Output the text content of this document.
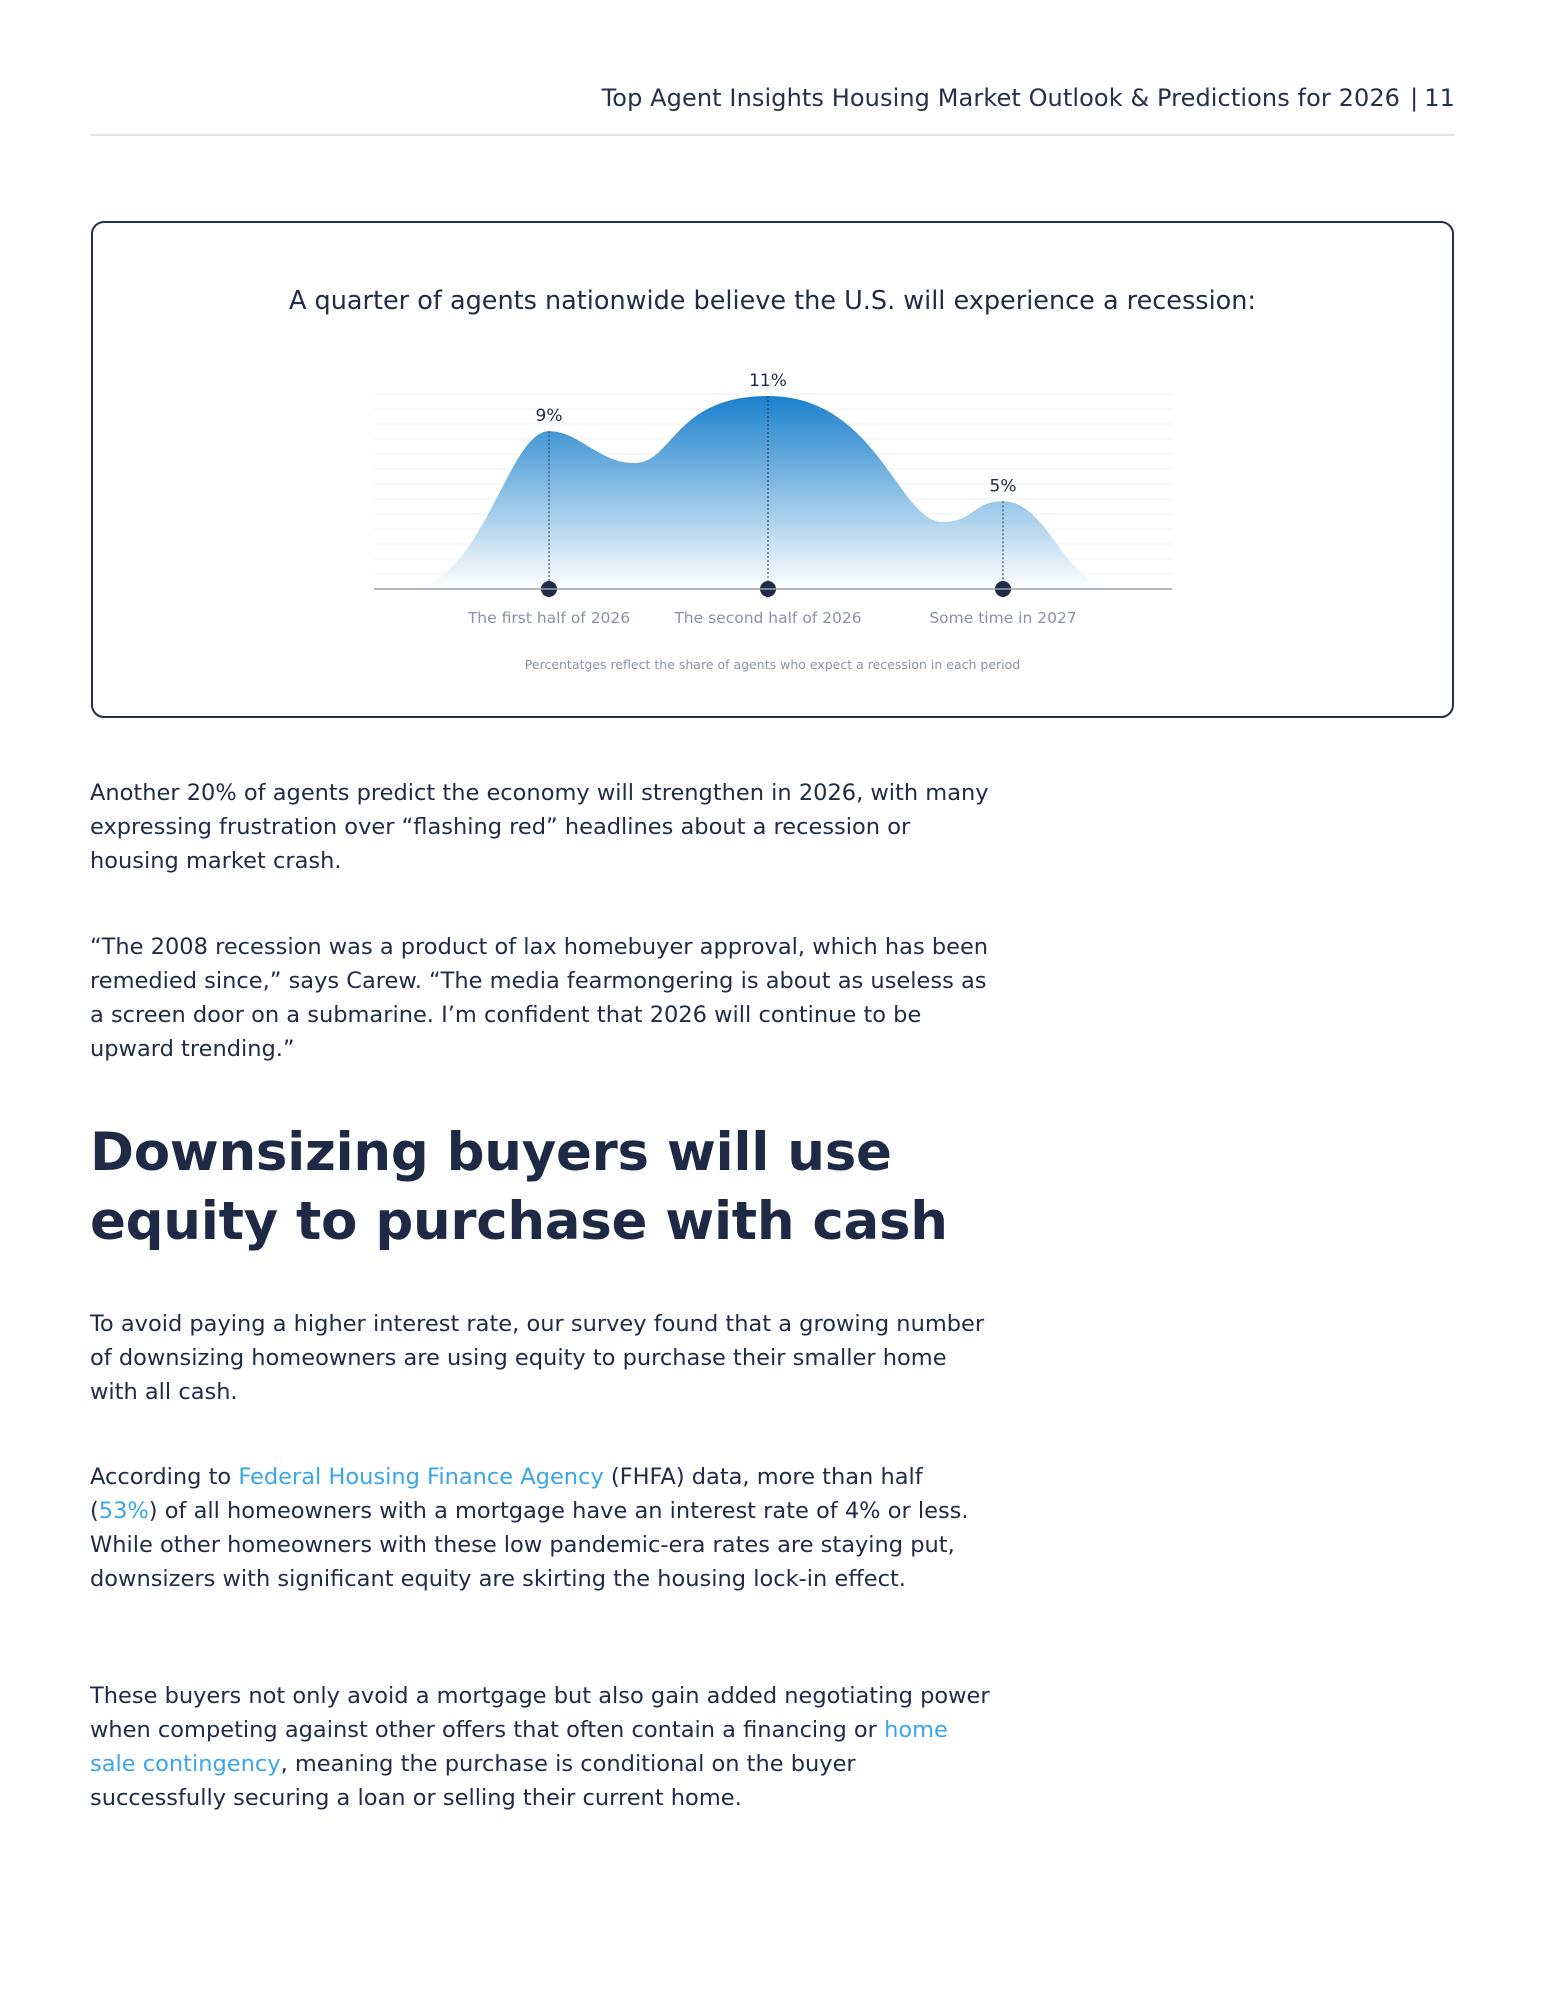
Top Agent Insights Housing Market Outlook & Predictions for 2026 | 11
A quarter of agents nationwide believe the U.S. will experience a recession:
9%
The first half of 2026
11%
The second half of 2026
5%
Some time in 2027
Percentatges reflect the share of agents who expect a recession in each period

Another 20% of agents predict the economy will strengthen in 2026, with many expressing frustration over “flashing red” headlines about a recession or housing market crash.

“The 2008 recession was a product of lax homebuyer approval, which has been remedied since,” says Carew. “The media fearmongering is about as useless as a screen door on a submarine. I’m confident that 2026 will continue to be upward trending.”

Downsizing buyers will use equity to purchase with cash

To avoid paying a higher interest rate, our survey found that a growing number of downsizing homeowners are using equity to purchase their smaller home with all cash.

According to Federal Housing Finance Agency (FHFA) data, more than half (53%) of all homeowners with a mortgage have an interest rate of 4% or less. While other homeowners with these low pandemic-era rates are staying put, downsizers with significant equity are skirting the housing lock-in effect.

These buyers not only avoid a mortgage but also gain added negotiating power when competing against other offers that often contain a financing or home sale contingency, meaning the purchase is conditional on the buyer successfully securing a loan or selling their current home.
